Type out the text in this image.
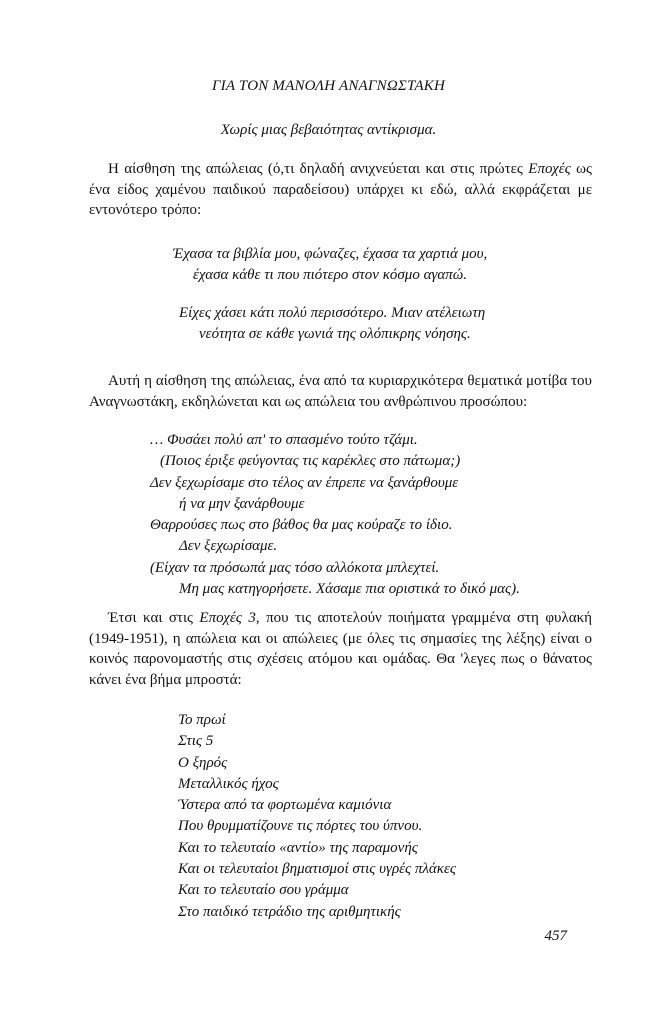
ΓΙΑ ΤΟΝ ΜΑΝΟΛΗ ΑΝΑΓΝΩΣΤΑΚΗ
Χωρίς μιας βεβαιότητας αντίκρισμα.
Η αίσθηση της απώλειας (ό,τι δηλαδή ανιχνεύεται και στις πρώτες Εποχές ως ένα είδος χαμένου παιδικού παραδείσου) υπάρχει κι εδώ, αλλά εκφράζεται με εντονότερο τρόπο:
Έχασα τα βιβλία μου, φώναζες, έχασα τα χαρτιά μου,
έχασα κάθε τι που πιότερο στον κόσμο αγαπώ.
Είχες χάσει κάτι πολύ περισσότερο. Μιαν ατέλειωτη
νεότητα σε κάθε γωνιά της ολόπικρης νόησης.
Αυτή η αίσθηση της απώλειας, ένα από τα κυριαρχικότερα θεματικά μοτίβα του Αναγνωστάκη, εκδηλώνεται και ως απώλεια του ανθρώπινου προσώπου:
… Φυσάει πολύ απ' το σπασμένο τούτο τζάμι.
(Ποιος έριξε φεύγοντας τις καρέκλες στο πάτωμα;)
Δεν ξεχωρίσαμε στο τέλος αν έπρεπε να ξανάρθουμε
ή να μην ξανάρθουμε
Θαρρούσες πως στο βάθος θα μας κούραζε το ίδιο.
Δεν ξεχωρίσαμε.
(Είχαν τα πρόσωπά μας τόσο αλλόκοτα μπλεχτεί.
Μη μας κατηγορήσετε. Χάσαμε πια οριστικά το δικό μας).
Έτσι και στις Εποχές 3, που τις αποτελούν ποιήματα γραμμένα στη φυλακή (1949-1951), η απώλεια και οι απώλειες (με όλες τις σημασίες της λέξης) είναι ο κοινός παρονομαστής στις σχέσεις ατόμου και ομάδας. Θα 'λεγες πως ο θάνατος κάνει ένα βήμα μπροστά:
Το πρωί
Στις 5
Ο ξηρός
Μεταλλικός ήχος
Ύστερα από τα φορτωμένα καμιόνια
Που θρυμματίζουνε τις πόρτες του ύπνου.
Και το τελευταίο «αντίο» της παραμονής
Και οι τελευταίοι βηματισμοί στις υγρές πλάκες
Και το τελευταίο σου γράμμα
Στο παιδικό τετράδιο της αριθμητικής
457
